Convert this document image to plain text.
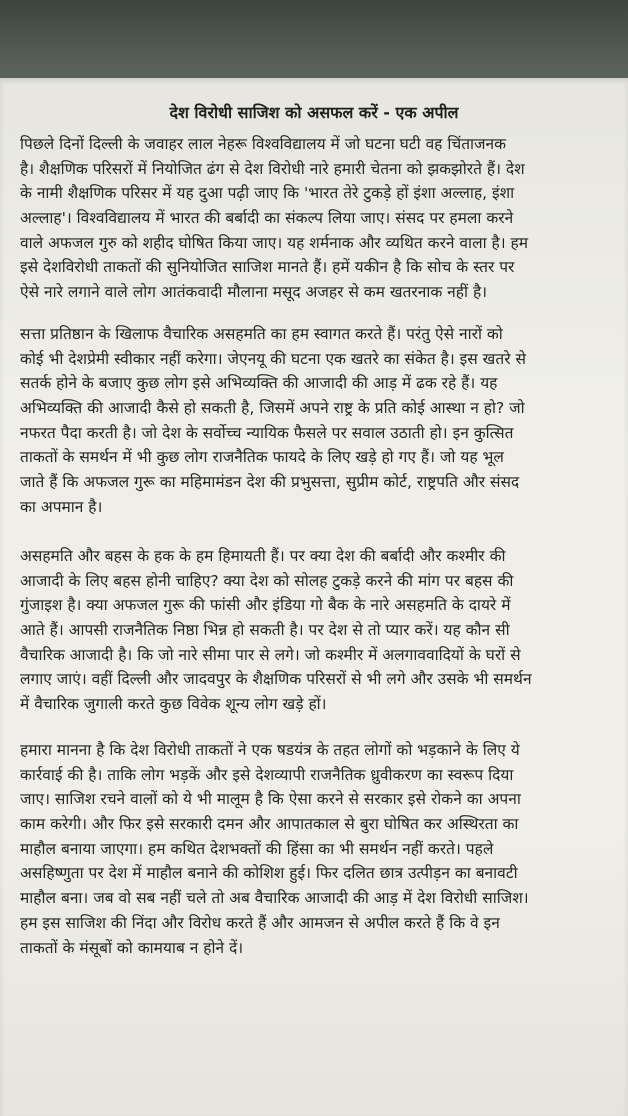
देश विरोधी साजिश को असफल करें - एक अपील
पिछले दिनों दिल्ली के जवाहर लाल नेहरू विश्वविद्यालय में जो घटना घटी वह चिंताजनक
है। शैक्षणिक परिसरों में नियोजित ढंग से देश विरोधी नारे हमारी चेतना को झकझोरते हैं। देश
के नामी शैक्षणिक परिसर में यह दुआ पढ़ी जाए कि 'भारत तेरे टुकड़े हों इंशा अल्लाह, इंशा
अल्लाह'। विश्वविद्यालय में भारत की बर्बादी का संकल्प लिया जाए। संसद पर हमला करने
वाले अफजल गुरु को शहीद घोषित किया जाए। यह शर्मनाक और व्यथित करने वाला है। हम
इसे देशविरोधी ताकतों की सुनियोजित साजिश मानते हैं। हमें यकीन है कि सोच के स्तर पर
ऐसे नारे लगाने वाले लोग आतंकवादी मौलाना मसूद अजहर से कम खतरनाक नहीं है।
सत्ता प्रतिष्ठान के खिलाफ वैचारिक असहमति का हम स्वागत करते हैं। परंतु ऐसे नारों को
कोई भी देशप्रेमी स्वीकार नहीं करेगा। जेएनयू की घटना एक खतरे का संकेत है। इस खतरे से
सतर्क होने के बजाए कुछ लोग इसे अभिव्यक्ति की आजादी की आड़ में ढक रहे हैं। यह
अभिव्यक्ति की आजादी कैसे हो सकती है, जिसमें अपने राष्ट्र के प्रति कोई आस्था न हो? जो
नफरत पैदा करती है। जो देश के सर्वोच्च न्यायिक फैसले पर सवाल उठाती हो। इन कुत्सित
ताकतों के समर्थन में भी कुछ लोग राजनैतिक फायदे के लिए खड़े हो गए हैं। जो यह भूल
जाते हैं कि अफजल गुरू का महिमामंडन देश की प्रभुसत्ता, सुप्रीम कोर्ट, राष्ट्रपति और संसद
का अपमान है।
असहमति और बहस के हक के हम हिमायती हैं। पर क्या देश की बर्बादी और कश्मीर की
आजादी के लिए बहस होनी चाहिए? क्या देश को सोलह टुकड़े करने की मांग पर बहस की
गुंजाइश है। क्या अफजल गुरू की फांसी और इंडिया गो बैक के नारे असहमति के दायरे में
आते हैं। आपसी राजनैतिक निष्ठा भिन्न हो सकती है। पर देश से तो प्यार करें। यह कौन सी
वैचारिक आजादी है। कि जो नारे सीमा पार से लगे। जो कश्मीर में अलगाववादियों के घरों से
लगाए जाएं। वहीं दिल्ली और जादवपुर के शैक्षणिक परिसरों से भी लगे और उसके भी समर्थन
में वैचारिक जुगाली करते कुछ विवेक शून्य लोग खड़े हों।
हमारा मानना है कि देश विरोधी ताकतों ने एक षडयंत्र के तहत लोगों को भड़काने के लिए ये
कार्रवाई की है। ताकि लोग भड़कें और इसे देशव्यापी राजनैतिक ध्रुवीकरण का स्वरूप दिया
जाए। साजिश रचने वालों को ये भी मालूम है कि ऐसा करने से सरकार इसे रोकने का अपना
काम करेगी। और फिर इसे सरकारी दमन और आपातकाल से बुरा घोषित कर अस्थिरता का
माहौल बनाया जाएगा। हम कथित देशभक्तों की हिंसा का भी समर्थन नहीं करते। पहले
असहिष्णुता पर देश में माहौल बनाने की कोशिश हुई। फिर दलित छात्र उत्पीड़न का बनावटी
माहौल बना। जब वो सब नहीं चले तो अब वैचारिक आजादी की आड़ में देश विरोधी साजिश।
हम इस साजिश की निंदा और विरोध करते हैं और आमजन से अपील करते हैं कि वे इन
ताकतों के मंसूबों को कामयाब न होने दें।
